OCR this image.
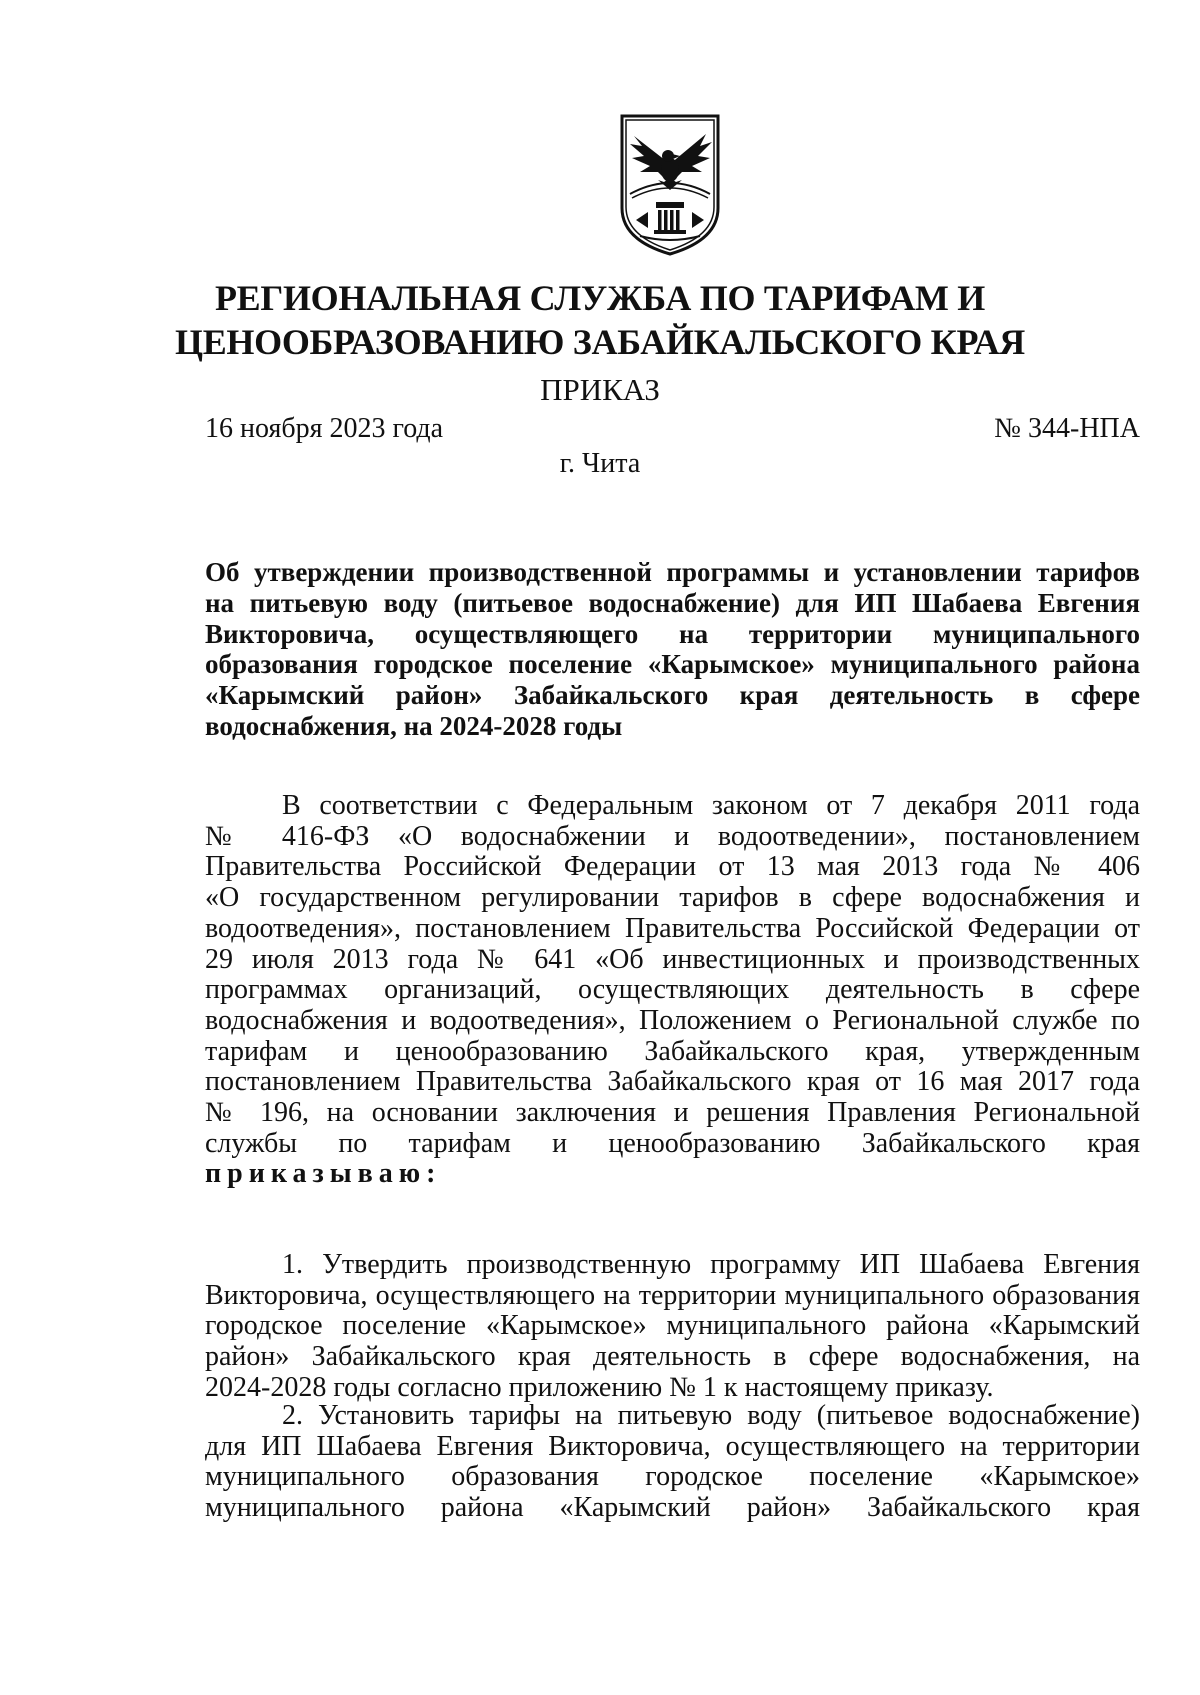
РЕГИОНАЛЬНАЯ СЛУЖБА ПО ТАРИФАМ И
ЦЕНООБРАЗОВАНИЮ ЗАБАЙКАЛЬСКОГО КРАЯ
ПРИКАЗ
16 ноября 2023 года	№ 344-НПА
г. Чита
Об утверждении производственной программы и установлении тарифов
на питьевую воду (питьевое водоснабжение) для ИП Шабаева Евгения
Викторовича, осуществляющего на территории муниципального
образования городское поселение «Карымское» муниципального района
«Карымский район» Забайкальского края деятельность в сфере
водоснабжения, на 2024-2028 годы
В соответствии с Федеральным законом от 7 декабря 2011 года
№ 416-ФЗ «О водоснабжении и водоотведении», постановлением
Правительства Российской Федерации от 13 мая 2013 года № 406
«О государственном регулировании тарифов в сфере водоснабжения и
водоотведения», постановлением Правительства Российской Федерации от
29 июля 2013 года № 641 «Об инвестиционных и производственных
программах организаций, осуществляющих деятельность в сфере
водоснабжения и водоотведения», Положением о Региональной службе по
тарифам и ценообразованию Забайкальского края, утвержденным
постановлением Правительства Забайкальского края от 16 мая 2017 года
№ 196, на основании заключения и решения Правления Региональной
службы по тарифам и ценообразованию Забайкальского края
приказываю:
1. Утвердить производственную программу ИП Шабаева Евгения
Викторовича, осуществляющего на территории муниципального образования
городское поселение «Карымское» муниципального района «Карымский
район» Забайкальского края деятельность в сфере водоснабжения, на
2024-2028 годы согласно приложению № 1 к настоящему приказу.
2. Установить тарифы на питьевую воду (питьевое водоснабжение)
для ИП Шабаева Евгения Викторовича, осуществляющего на территории
муниципального образования городское поселение «Карымское»
муниципального района «Карымский район» Забайкальского края
